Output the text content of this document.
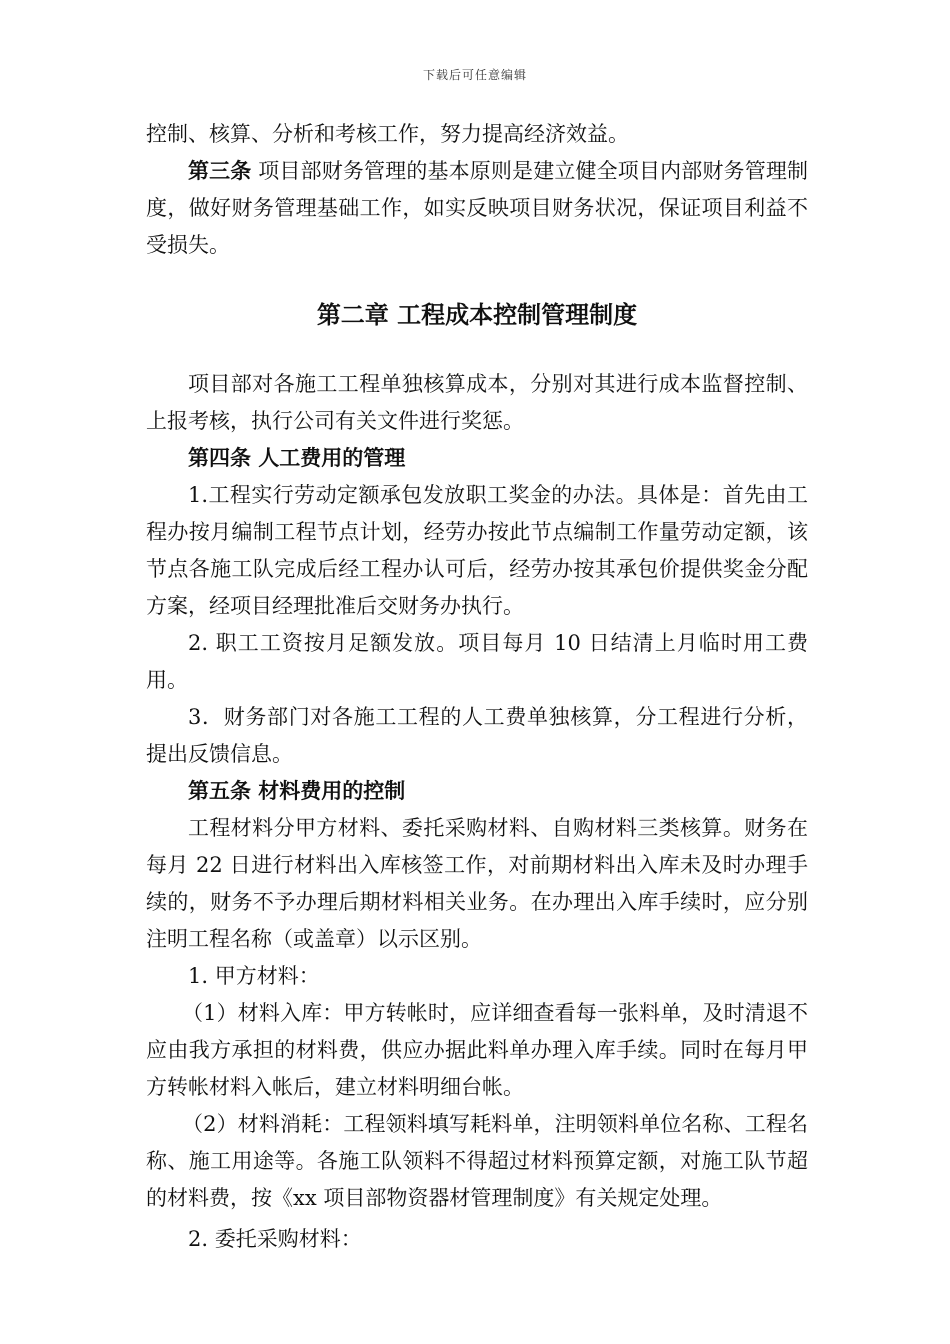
下载后可任意编辑

控制、核算、分析和考核工作，努力提高经济效益。

第三条 项目部财务管理的基本原则是建立健全项目内部财务管理制度，做好财务管理基础工作，如实反映项目财务状况，保证项目利益不受损失。

第二章 工程成本控制管理制度

项目部对各施工工程单独核算成本，分别对其进行成本监督控制、上报考核，执行公司有关文件进行奖惩。

第四条 人工费用的管理

1.工程实行劳动定额承包发放职工奖金的办法。具体是：首先由工程办按月编制工程节点计划，经劳办按此节点编制工作量劳动定额，该节点各施工队完成后经工程办认可后，经劳办按其承包价提供奖金分配方案，经项目经理批准后交财务办执行。

2. 职工工资按月足额发放。项目每月 10 日结清上月临时用工费用。

3．财务部门对各施工工程的人工费单独核算，分工程进行分析，提出反馈信息。

第五条 材料费用的控制

工程材料分甲方材料、委托采购材料、自购材料三类核算。财务在每月 22 日进行材料出入库核签工作，对前期材料出入库未及时办理手续的，财务不予办理后期材料相关业务。在办理出入库手续时，应分别注明工程名称（或盖章）以示区别。

1. 甲方材料：

（1）材料入库：甲方转帐时，应详细查看每一张料单，及时清退不应由我方承担的材料费，供应办据此料单办理入库手续。同时在每月甲方转帐材料入帐后，建立材料明细台帐。

（2）材料消耗：工程领料填写耗料单，注明领料单位名称、工程名称、施工用途等。各施工队领料不得超过材料预算定额，对施工队节超的材料费，按《xx 项目部物资器材管理制度》有关规定处理。

2. 委托采购材料：
